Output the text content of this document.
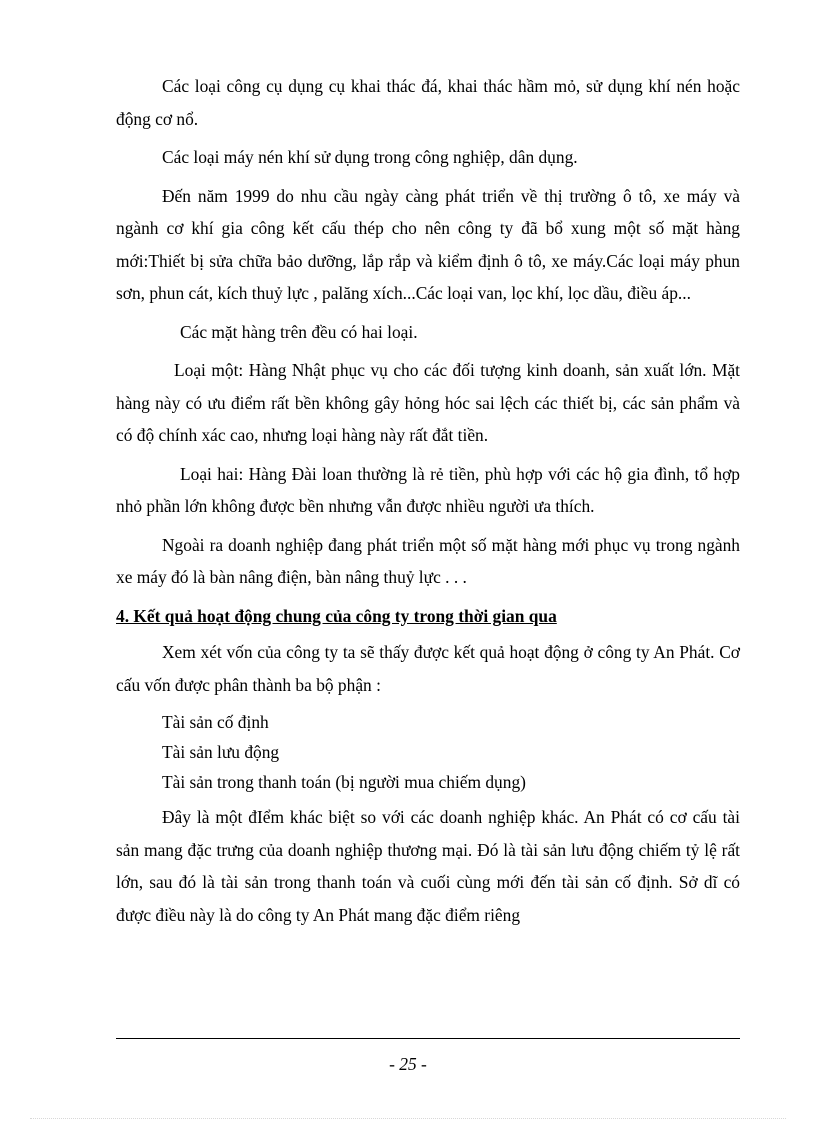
Các loại công cụ dụng cụ khai thác đá, khai thác hầm mỏ, sử dụng khí nén hoặc động cơ nổ.

Các loại máy nén khí sử dụng trong công nghiệp, dân dụng.

Đến năm 1999 do nhu cầu ngày càng phát triển về thị trường ô tô, xe máy và ngành cơ khí gia công kết cấu thép cho nên công ty đã bổ xung một số mặt hàng mới:Thiết bị sửa chữa bảo dưỡng, lắp rắp và kiểm định ô tô, xe máy.Các loại máy phun sơn, phun cát, kích thuỷ lực , palăng xích...Các loại van, lọc khí, lọc dầu, điều áp...

Các mặt hàng trên đều có hai loại.

Loại một: Hàng Nhật phục vụ cho các đối tượng kinh doanh, sản xuất lớn. Mặt hàng này có ưu điểm rất bền không gây hỏng hóc sai lệch các thiết bị, các sản phẩm và có độ chính xác cao, nhưng loại hàng này rất đắt tiền.

Loại hai: Hàng Đài loan thường là rẻ tiền, phù hợp với các hộ gia đình, tổ hợp nhỏ phần lớn không được bền nhưng vẫn được nhiều người ưa thích.

Ngoài ra doanh nghiệp đang phát triển một số mặt hàng mới phục vụ trong ngành xe máy đó là bàn nâng điện, bàn nâng thuỷ lực . . .

4. Kết quả hoạt động chung của công ty trong thời gian qua

Xem xét vốn của công ty ta sẽ thấy được kết quả hoạt động ở công ty An Phát. Cơ cấu vốn được phân thành ba bộ phận :

Tài sản cố định
Tài sản lưu động
Tài sản trong thanh toán (bị người mua chiếm dụng)

Đây là một đIểm khác biệt so với các doanh nghiệp khác. An Phát có cơ cấu tài sản mang đặc trưng của doanh nghiệp thương mại. Đó là tài sản lưu động chiếm tỷ lệ rất lớn, sau đó là tài sản trong thanh toán và cuối cùng mới đến tài sản cố định. Sở dĩ có được điều này là do công ty An Phát mang đặc điểm riêng

- 25 -
